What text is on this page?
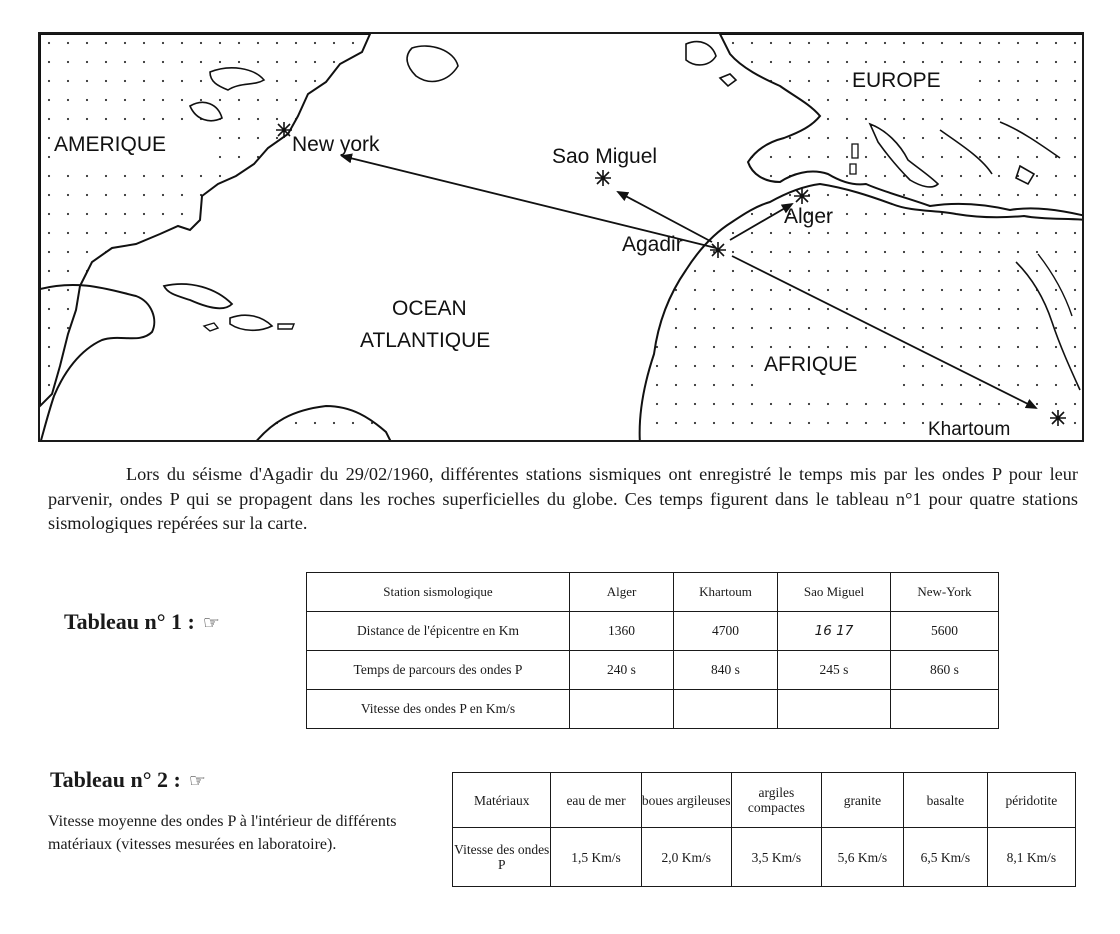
AMERIQUE	New york
Sao Miguel
EUROPE
Alger
Agadir
OCEAN
ATLANTIQUE
AFRIQUE
Khartoum

Lors du séisme d'Agadir du 29/02/1960, différentes stations sismiques ont enregistré le temps mis par les ondes P pour leur parvenir, ondes P qui se propagent dans les roches superficielles du globe. Ces temps figurent dans le tableau n°1 pour quatre stations sismologiques repérées sur la carte.

Tableau n° 1 : ☞
Station sismologique	Alger	Khartoum	Sao Miguel	New-York
Distance de l'épicentre en Km	1360	4700	16 17	5600
Temps de parcours des ondes P	240 s	840 s	245 s	860 s
Vitesse des ondes P en Km/s				
Tableau n° 2 : ☞

Vitesse moyenne des ondes P à l'intérieur de différents matériaux (vitesses mesurées en laboratoire).

Matériaux	eau de mer	boues argileuses	argiles compactes	granite	basalte	péridotite
Vitesse des ondes P	1,5 Km/s	2,0 Km/s	3,5 Km/s	5,6 Km/s	6,5 Km/s	8,1 Km/s
